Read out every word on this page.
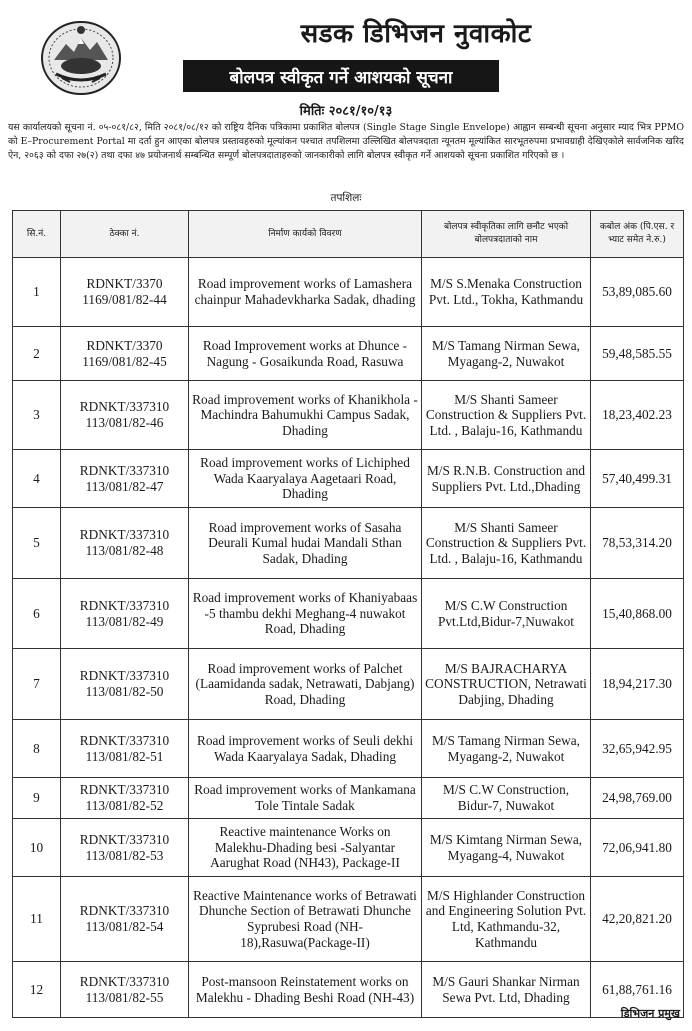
सडक डिभिजन नुवाकोट
बोलपत्र स्वीकृत गर्ने आशयको सूचना
मितिः २०८१/१०/१३
यस कार्यालयको सूचना नं. ०५-०८१/८२, मिति २०८१/०८/१२ को राष्ट्रिय दैनिक पत्रिकामा प्रकाशित बोलपत्र (Single Stage Single Envelope) आह्वान सम्बन्धी सूचना अनुसार म्याद भित्र PPMO को E–Procurement Portal मा दर्ता हुन आएका बोलपत्र प्रस्तावहरुको मूल्यांकन पश्चात तपशिलमा उल्लिखित बोलपत्रदाता न्यूनतम मूल्यांकित सारभूतरुपमा प्रभावग्राही देखिएकोले सार्वजनिक खरिद ऐन, २०६३ को दफा २७(२) तथा दफा ४७ प्रयोजनार्थ सम्बन्धित सम्पूर्ण बोलपत्रदाताहरुको जानकारीको लागि बोलपत्र स्वीकृत गर्ने आशयको सूचना प्रकाशित गरिएको छ ।
तपशिलः
सि.नं.	ठेक्का नं.	निर्माण कार्यको विवरण	बोलपत्र स्वीकृतिका लागि छनौट भएको बोलपत्रदाताको नाम	कबोल अंक (पि.एस. र भ्याट समेत ने.रु.)
1	RDNKT/3370 1169/081/82-44	Road improvement works of Lamashera chainpur Mahadevkharka Sadak, dhading	M/S S.Menaka Construction Pvt. Ltd., Tokha, Kathmandu	53,89,085.60
2	RDNKT/3370 1169/081/82-45	Road Improvement works at Dhunce - Nagung - Gosaikunda Road, Rasuwa	M/S Tamang Nirman Sewa, Myagang-2, Nuwakot	59,48,585.55
3	RDNKT/337310 113/081/82-46	Road improvement works of Khanikhola - Machindra Bahumukhi Campus Sadak, Dhading	M/S Shanti Sameer Construction & Suppliers Pvt. Ltd. , Balaju-16, Kathmandu	18,23,402.23
4	RDNKT/337310 113/081/82-47	Road improvement works of Lichiphed Wada Kaaryalaya Aagetaari Road, Dhading	M/S R.N.B. Construction and Suppliers Pvt. Ltd.,Dhading	57,40,499.31
5	RDNKT/337310 113/081/82-48	Road improvement works of Sasaha Deurali Kumal hudai Mandali Sthan Sadak, Dhading	M/S Shanti Sameer Construction & Suppliers Pvt. Ltd. , Balaju-16, Kathmandu	78,53,314.20
6	RDNKT/337310 113/081/82-49	Road improvement works of Khaniyabaas -5 thambu dekhi Meghang-4 nuwakot Road, Dhading	M/S C.W Construction Pvt.Ltd,Bidur-7,Nuwakot	15,40,868.00
7	RDNKT/337310 113/081/82-50	Road improvement works of Palchet (Laamidanda sadak, Netrawati, Dabjang) Road, Dhading	M/S BAJRACHARYA CONSTRUCTION, Netrawati Dabjing, Dhading	18,94,217.30
8	RDNKT/337310 113/081/82-51	Road improvement works of Seuli dekhi Wada Kaaryalaya Sadak, Dhading	M/S Tamang Nirman Sewa, Myagang-2, Nuwakot	32,65,942.95
9	RDNKT/337310 113/081/82-52	Road improvement works of Mankamana Tole Tintale Sadak	M/S C.W Construction, Bidur-7, Nuwakot	24,98,769.00
10	RDNKT/337310 113/081/82-53	Reactive maintenance Works on Malekhu-Dhading besi -Salyantar Aarughat Road (NH43), Package-II	M/S Kimtang Nirman Sewa, Myagang-4, Nuwakot	72,06,941.80
11	RDNKT/337310 113/081/82-54	Reactive Maintenance works of Betrawati Dhunche Section of Betrawati Dhunche Syprubesi Road (NH-18),Rasuwa(Package-II)	M/S Highlander Construction and Engineering Solution Pvt. Ltd, Kathmandu-32, Kathmandu	42,20,821.20
12	RDNKT/337310 113/081/82-55	Post-mansoon Reinstatement works on Malekhu - Dhading Beshi Road (NH-43)	M/S Gauri Shankar Nirman Sewa Pvt. Ltd, Dhading	61,88,761.16
डिभिजन प्रमुख
